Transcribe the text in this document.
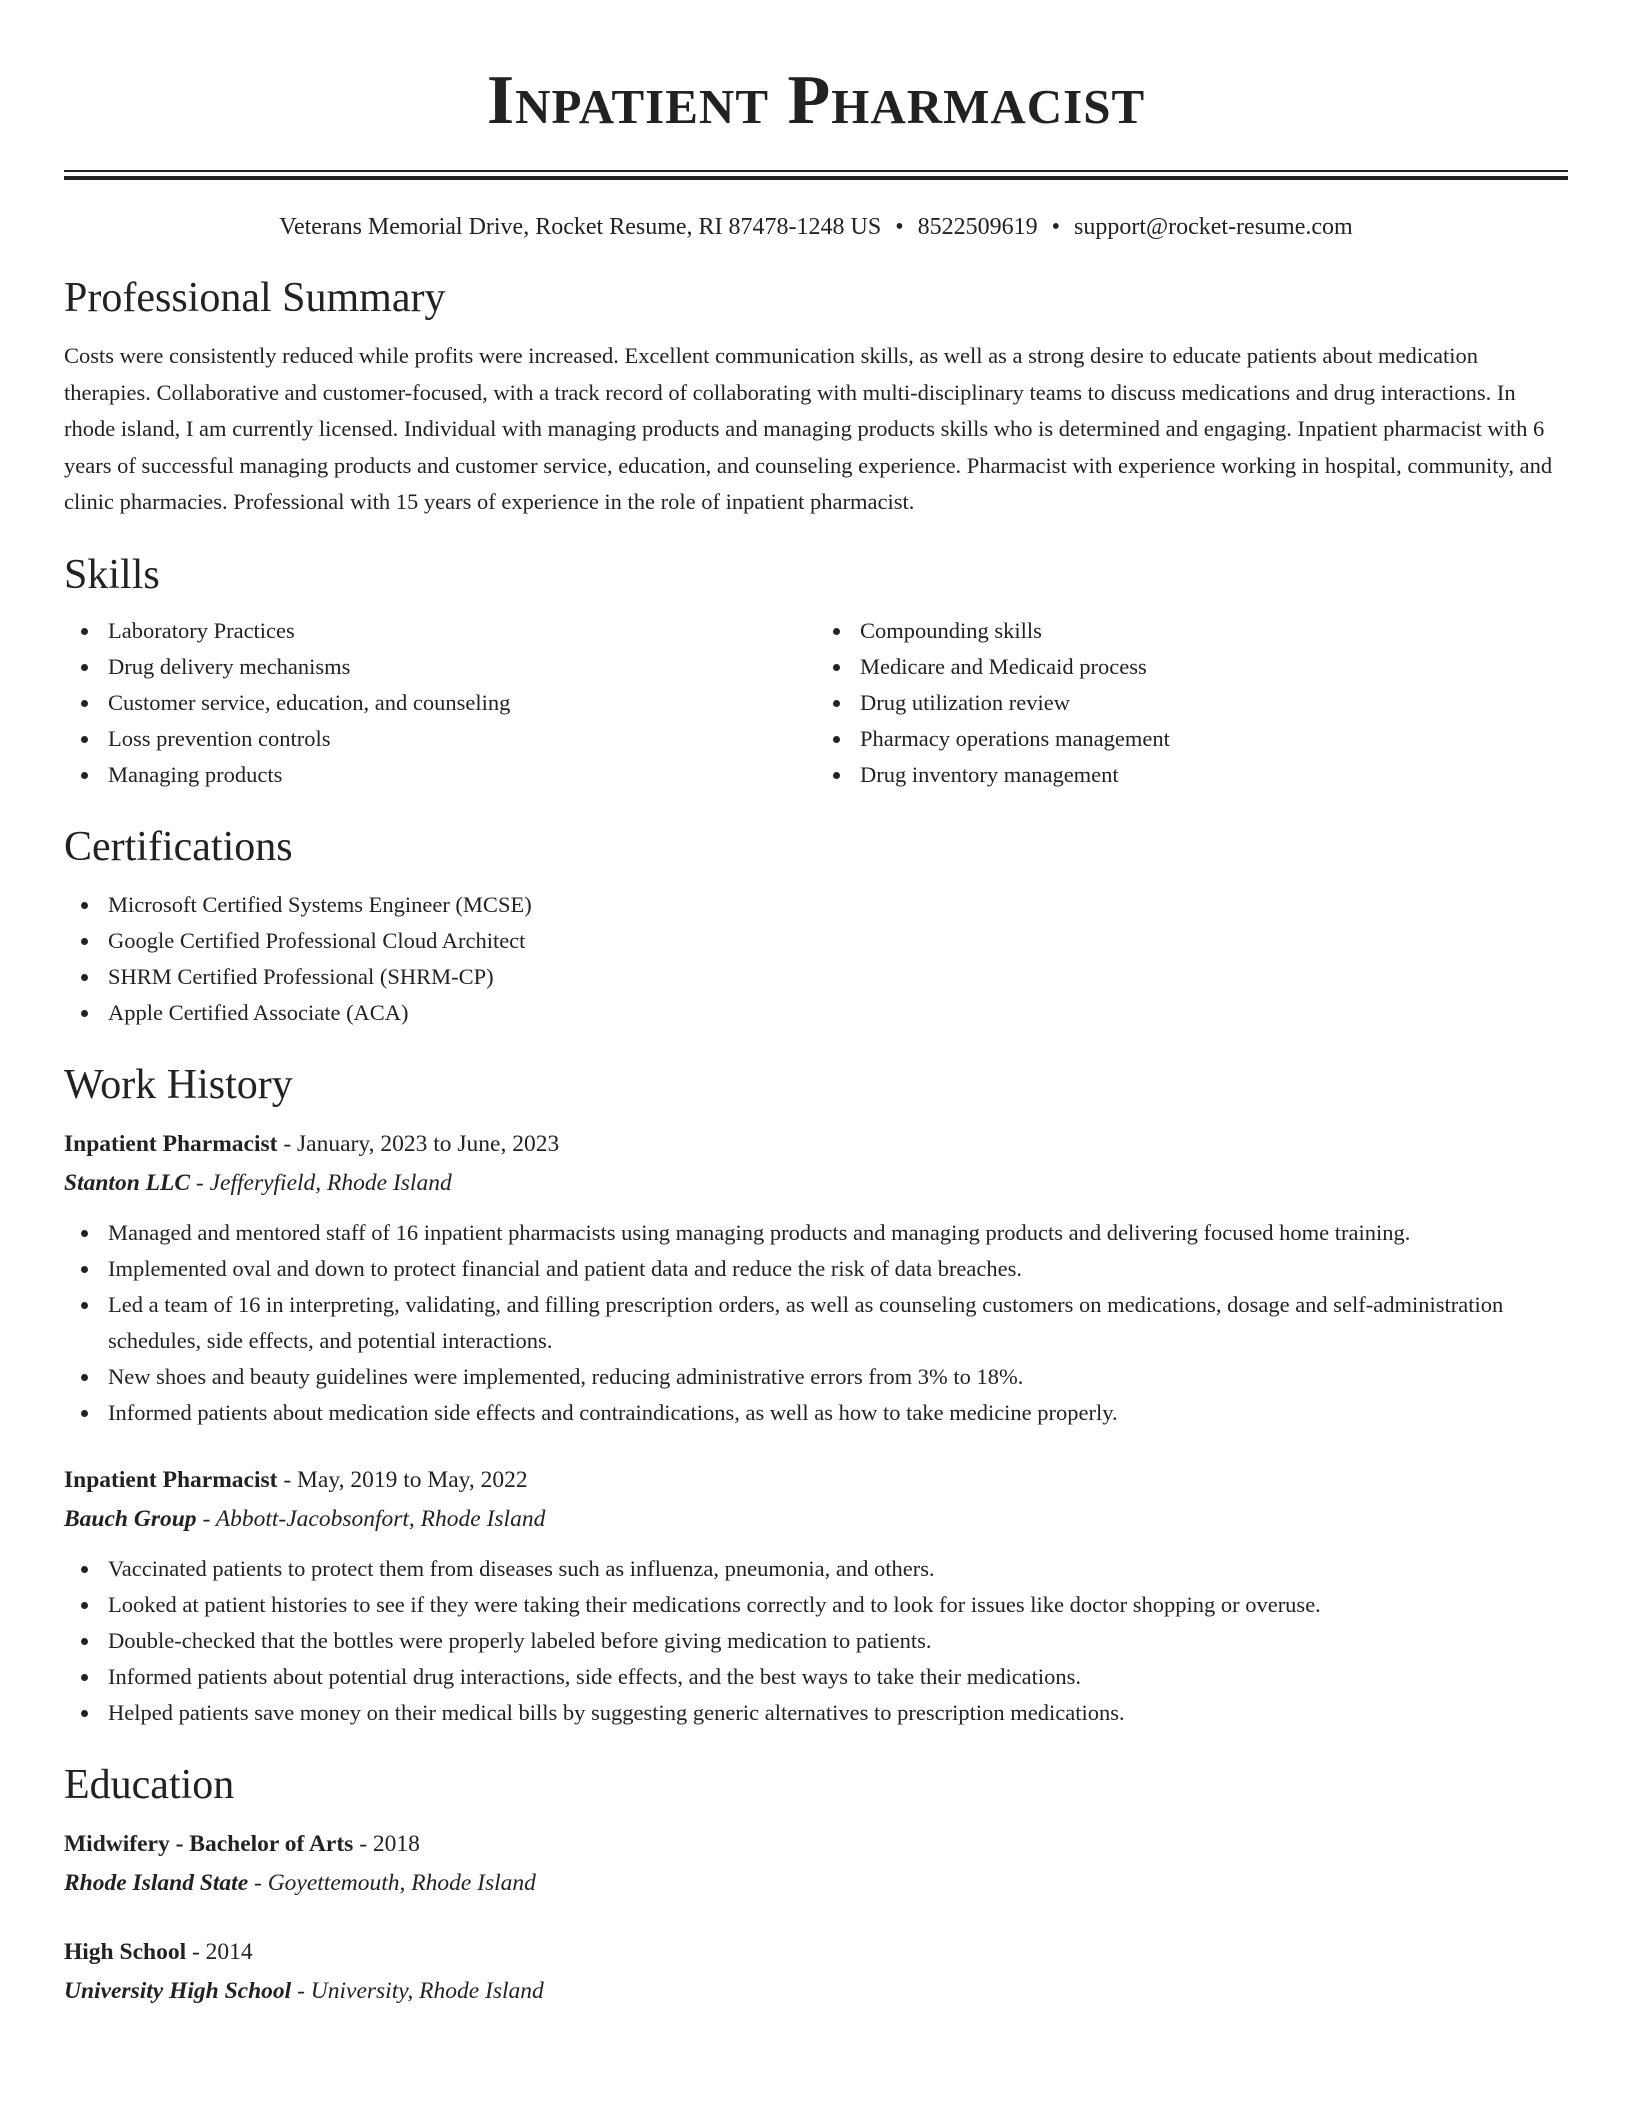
Inpatient Pharmacist
Veterans Memorial Drive, Rocket Resume, RI 87478-1248 US • 8522509619 • support@rocket-resume.com
Professional Summary

Costs were consistently reduced while profits were increased. Excellent communication skills, as well as a strong desire to educate patients about medication therapies. Collaborative and customer-focused, with a track record of collaborating with multi-disciplinary teams to discuss medications and drug interactions. In rhode island, I am currently licensed. Individual with managing products and managing products skills who is determined and engaging. Inpatient pharmacist with 6 years of successful managing products and customer service, education, and counseling experience. Pharmacist with experience working in hospital, community, and clinic pharmacies. Professional with 15 years of experience in the role of inpatient pharmacist.

Skills
Laboratory Practices
Drug delivery mechanisms
Customer service, education, and counseling
Loss prevention controls
Managing products
Compounding skills
Medicare and Medicaid process
Drug utilization review
Pharmacy operations management
Drug inventory management
Certifications
Microsoft Certified Systems Engineer (MCSE)
Google Certified Professional Cloud Architect
SHRM Certified Professional (SHRM-CP)
Apple Certified Associate (ACA)
Work History
Inpatient Pharmacist - January, 2023 to June, 2023
Stanton LLC - Jefferyfield, Rhode Island
Managed and mentored staff of 16 inpatient pharmacists using managing products and managing products and delivering focused home training.
Implemented oval and down to protect financial and patient data and reduce the risk of data breaches.
Led a team of 16 in interpreting, validating, and filling prescription orders, as well as counseling customers on medications, dosage and self-administration schedules, side effects, and potential interactions.
New shoes and beauty guidelines were implemented, reducing administrative errors from 3% to 18%.
Informed patients about medication side effects and contraindications, as well as how to take medicine properly.
Inpatient Pharmacist - May, 2019 to May, 2022
Bauch Group - Abbott-Jacobsonfort, Rhode Island
Vaccinated patients to protect them from diseases such as influenza, pneumonia, and others.
Looked at patient histories to see if they were taking their medications correctly and to look for issues like doctor shopping or overuse.
Double-checked that the bottles were properly labeled before giving medication to patients.
Informed patients about potential drug interactions, side effects, and the best ways to take their medications.
Helped patients save money on their medical bills by suggesting generic alternatives to prescription medications.
Education
Midwifery - Bachelor of Arts - 2018
Rhode Island State - Goyettemouth, Rhode Island
High School - 2014
University High School - University, Rhode Island
